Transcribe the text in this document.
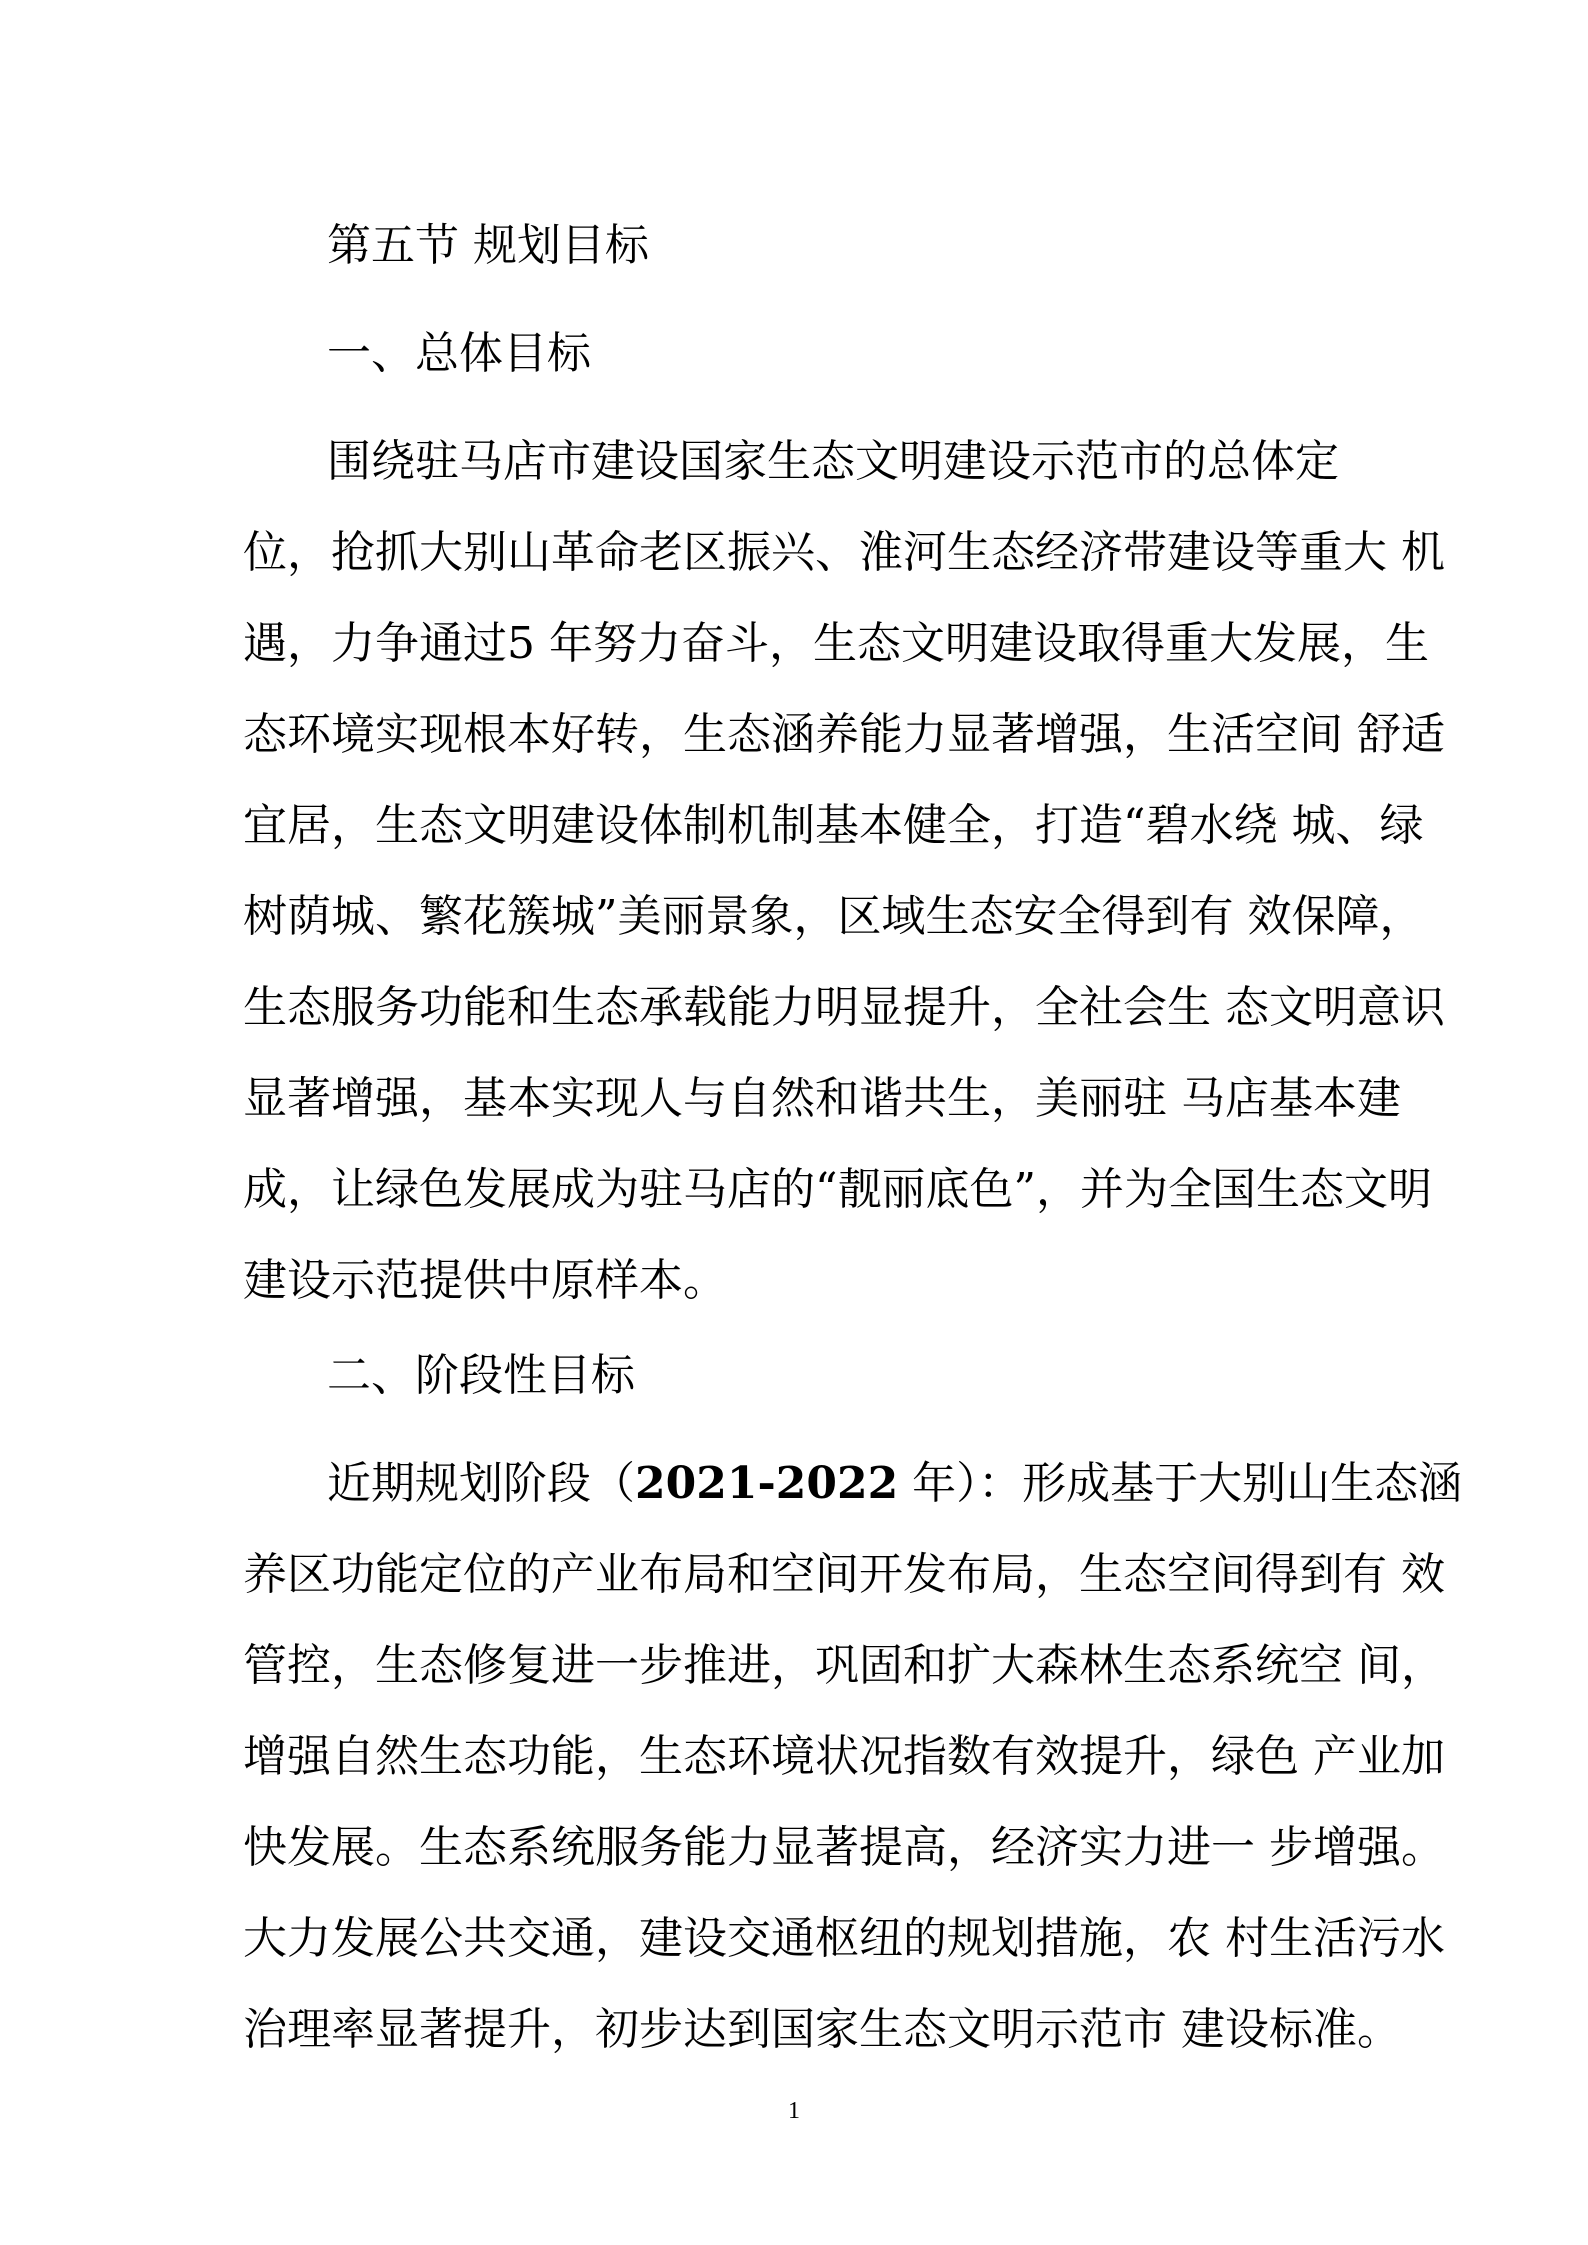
第五节 规划目标

一、总体目标

围绕驻马店市建设国家生态文明建设示范市的总体定
位，抢抓大别山革命老区振兴、淮河生态经济带建设等重大 机
遇，力争通过5 年努力奋斗，生态文明建设取得重大发展，生
态环境实现根本好转，生态涵养能力显著增强，生活空间 舒适
宜居，生态文明建设体制机制基本健全，打造“碧水绕 城、绿
树荫城、繁花簇城”美丽景象，区域生态安全得到有 效保障，
生态服务功能和生态承载能力明显提升，全社会生 态文明意识
显著增强，基本实现人与自然和谐共生，美丽驻 马店基本建
成，让绿色发展成为驻马店的“靓丽底色”，并为全国生态文明
建设示范提供中原样本。

二、阶段性目标

近期规划阶段（2021-2022 年）：形成基于大别山生态涵
养区功能定位的产业布局和空间开发布局，生态空间得到有 效
管控，生态修复进一步推进，巩固和扩大森林生态系统空 间，
增强自然生态功能，生态环境状况指数有效提升，绿色 产业加
快发展。生态系统服务能力显著提高，经济实力进一 步增强。
大力发展公共交通，建设交通枢纽的规划措施，农 村生活污水
治理率显著提升，初步达到国家生态文明示范市 建设标准。

1
